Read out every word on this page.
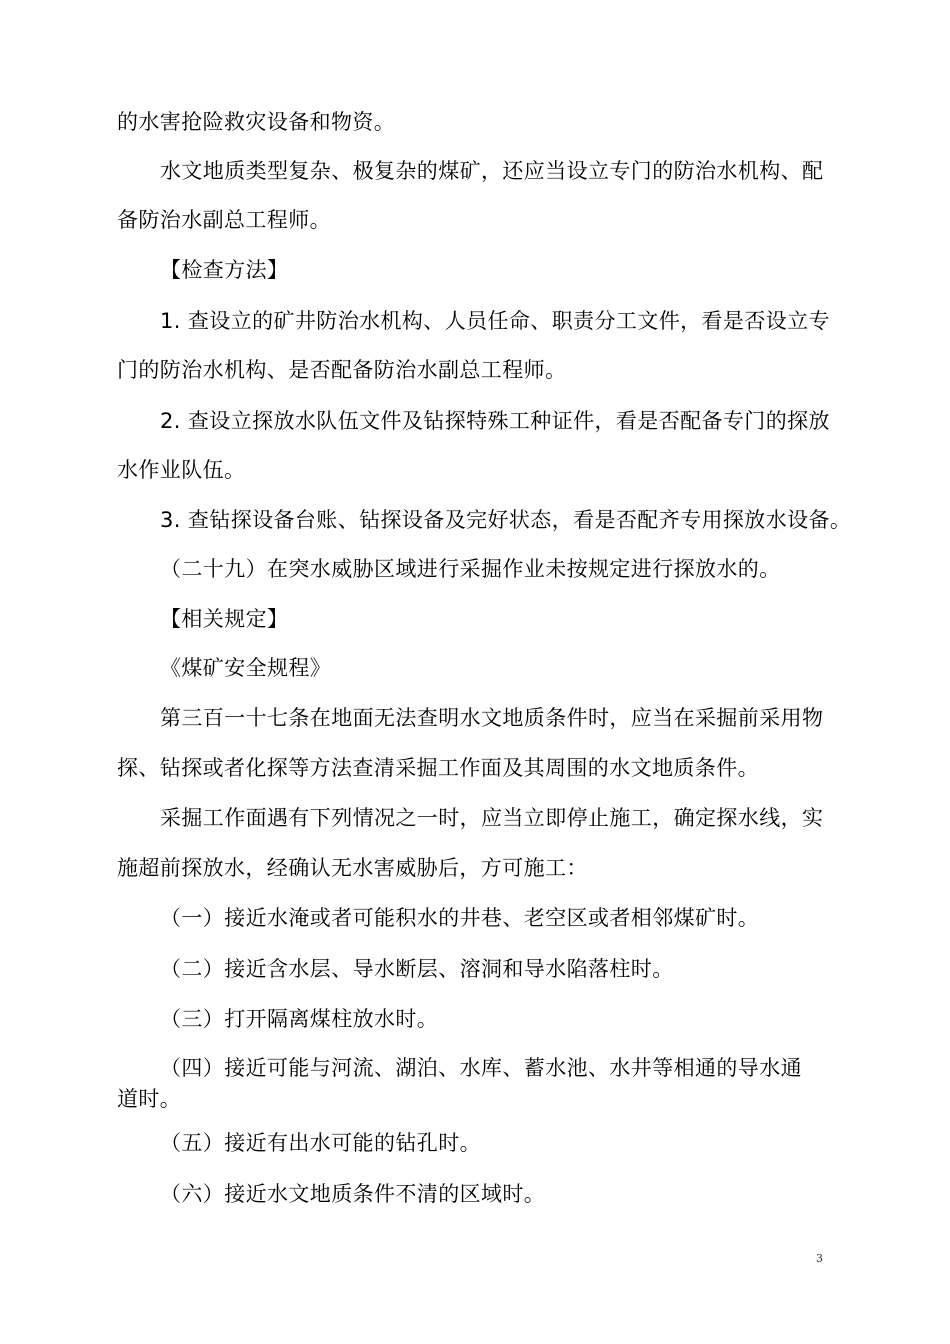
的水害抢险救灾设备和物资。
水文地质类型复杂、极复杂的煤矿，还应当设立专门的防治水机构、配
备防治水副总工程师。
【检查方法】
1. 查设立的矿井防治水机构、人员任命、职责分工文件，看是否设立专
门的防治水机构、是否配备防治水副总工程师。
2. 查设立探放水队伍文件及钻探特殊工种证件，看是否配备专门的探放
水作业队伍。
3. 查钻探设备台账、钻探设备及完好状态，看是否配齐专用探放水设备。
（二十九）在突水威胁区域进行采掘作业未按规定进行探放水的。
【相关规定】
《煤矿安全规程》
第三百一十七条在地面无法查明水文地质条件时，应当在采掘前采用物
探、钻探或者化探等方法查清采掘工作面及其周围的水文地质条件。
采掘工作面遇有下列情况之一时，应当立即停止施工，确定探水线，实
施超前探放水，经确认无水害威胁后，方可施工：
（一）接近水淹或者可能积水的井巷、老空区或者相邻煤矿时。
（二）接近含水层、导水断层、溶洞和导水陷落柱时。
（三）打开隔离煤柱放水时。
（四）接近可能与河流、湖泊、水库、蓄水池、水井等相通的导水通
道时。
（五）接近有出水可能的钻孔时。
（六）接近水文地质条件不清的区域时。
3
